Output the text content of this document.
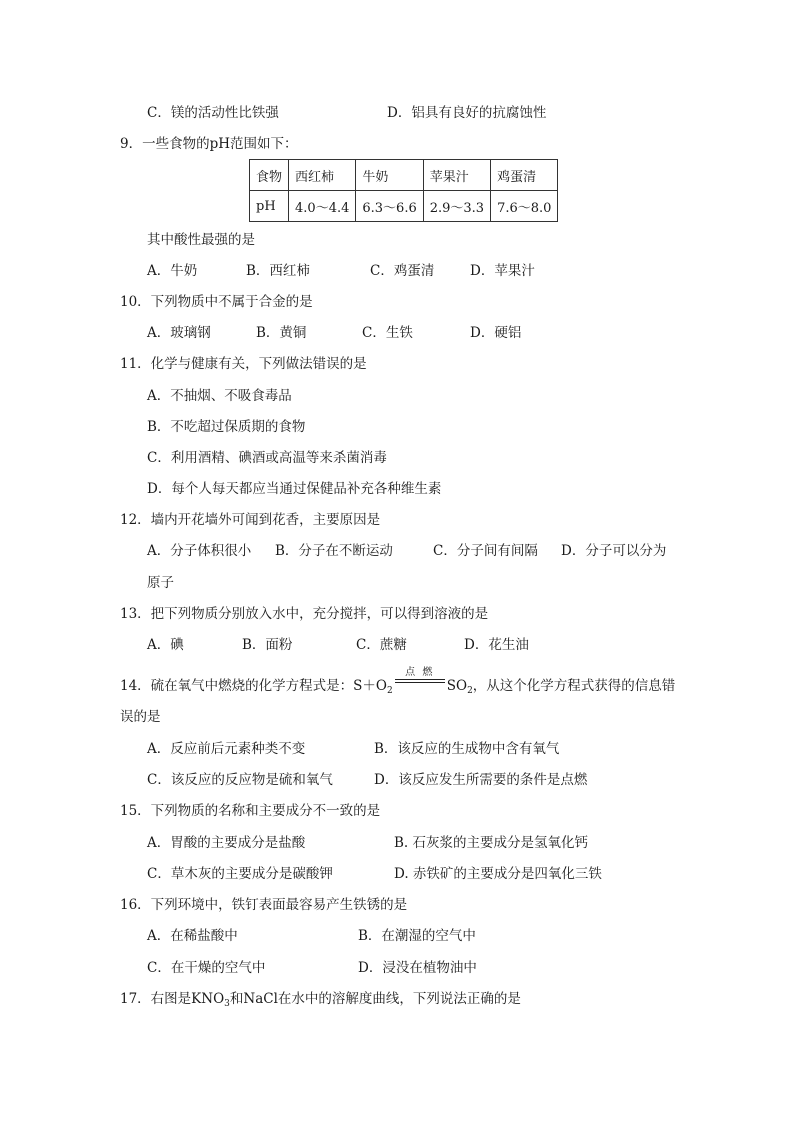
C．镁的活动性比铁强	D．铝具有良好的抗腐蚀性
9．一些食物的pH范围如下：
食物	西红柿	牛奶	苹果汁	鸡蛋清
pH	4.0～4.4	6.3～6.6	2.9～3.3	7.6～8.0
其中酸性最强的是
A．牛奶	B．西红柿	C．鸡蛋清	D．苹果汁
10．下列物质中不属于合金的是
A．玻璃钢	B．黄铜	C．生铁	D．硬铝
11．化学与健康有关，下列做法错误的是
A．不抽烟、不吸食毒品
B．不吃超过保质期的食物
C．利用酒精、碘酒或高温等来杀菌消毒
D．每个人每天都应当通过保健品补充各种维生素
12．墙内开花墙外可闻到花香，主要原因是
A．分子体积很小 B．分子在不断运动	C．分子间有间隔 D．分子可以分为
原子
13．把下列物质分别放入水中，充分搅拌，可以得到溶液的是
A．碘	B．面粉	C．蔗糖	D．花生油
14．硫在氧气中燃烧的化学方程式是：$S+O_2$
点 燃
$SO_2$，从这个化学方程式获得的信息错
误的是
A．反应前后元素种类不变	B．该反应的生成物中含有氧气
C．该反应的反应物是硫和氧气	D．该反应发生所需要的条件是点燃
15．下列物质的名称和主要成分不一致的是
A．胃酸的主要成分是盐酸	B. 石灰浆的主要成分是氢氧化钙
C．草木灰的主要成分是碳酸钾	D. 赤铁矿的主要成分是四氧化三铁
16．下列环境中，铁钉表面最容易产生铁锈的是
A．在稀盐酸中	B．在潮湿的空气中
C．在干燥的空气中	D．浸没在植物油中
17．右图是$KNO_3$和NaCl在水中的溶解度曲线，下列说法正确的是
